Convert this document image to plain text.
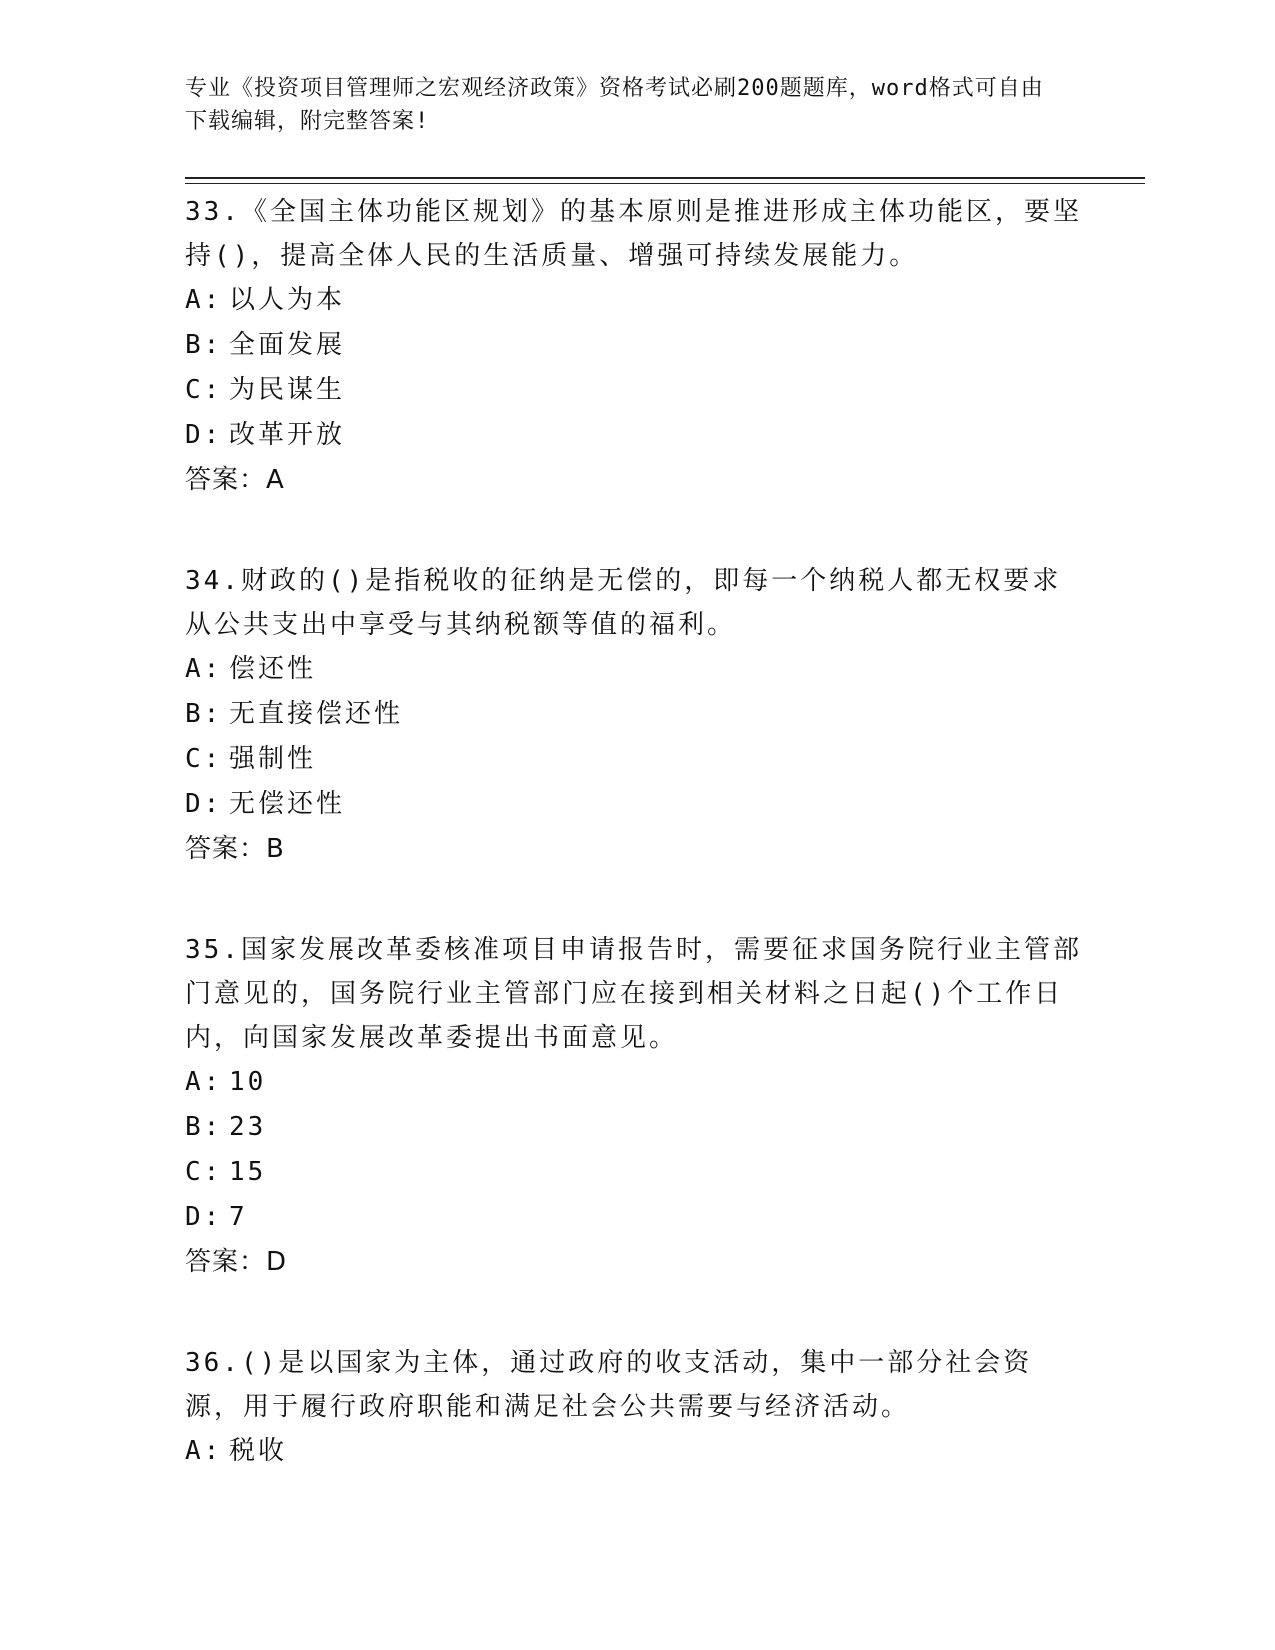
专业《投资项目管理师之宏观经济政策》资格考试必刷200题题库，word格式可自由下载编辑，附完整答案!

33.《全国主体功能区规划》的基本原则是推进形成主体功能区，要坚持()，提高全体人民的生活质量、增强可持续发展能力。

A: 以人为本

B: 全面发展

C: 为民谋生

D: 改革开放

答案：A

34.财政的()是指税收的征纳是无偿的，即每一个纳税人都无权要求从公共支出中享受与其纳税额等值的福利。

A: 偿还性

B: 无直接偿还性

C: 强制性

D: 无偿还性

答案：B

35.国家发展改革委核准项目申请报告时，需要征求国务院行业主管部门意见的，国务院行业主管部门应在接到相关材料之日起()个工作日内，向国家发展改革委提出书面意见。

A: 10

B: 23

C: 15

D: 7

答案：D

36.()是以国家为主体，通过政府的收支活动，集中一部分社会资源，用于履行政府职能和满足社会公共需要与经济活动。

A: 税收
